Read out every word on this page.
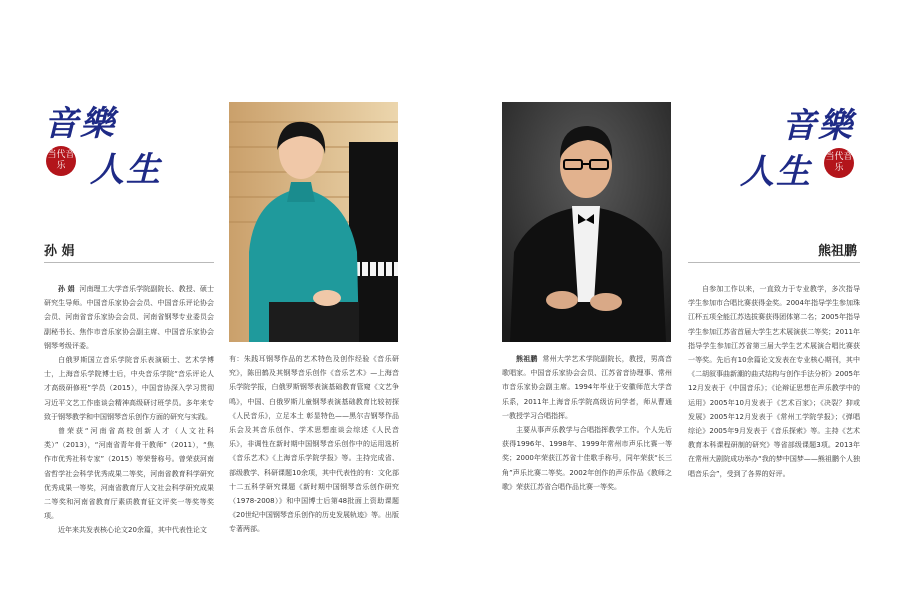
音樂
当代音乐 人生
音樂
人生 当代音乐
孙 娟	熊祖鹏

孙 娟 河南理工大学音乐学院副院长、教授、硕士研究生导师。中国音乐家协会会员、中国音乐评论协会会员、河南省音乐家协会会员、河南省钢琴专业委员会副秘书长、焦作市音乐家协会副主席、中国音乐家协会钢琴考级评委。

白俄罗斯国立音乐学院音乐表演硕士、艺术学博士，上海音乐学院博士后，中央音乐学院“音乐评论人才高级研修班”学员（2015），中国音协深入学习贯彻习近平文艺工作座谈会精神高级研讨班学员。多年来专致于钢琴教学和中国钢琴音乐创作方面的研究与实践。

曾荣获“河南省高校创新人才（人文社科类）”（2013），“河南省青年骨干教师”（2011），“焦作市优秀社科专家”（2015）等荣誉称号。曾荣获河南省哲学社会科学优秀成果二等奖，河南省教育科学研究优秀成果一等奖，河南省教育厅人文社会科学研究成果二等奖和河南省教育厅素质教育征文评奖一等奖等奖项。

近年来共发表核心论文20余篇，其中代表性论文

有：朱践耳钢琴作品的艺术特色及创作经验《音乐研究》，陈田鹤及其钢琴音乐创作《音乐艺术》—上海音乐学院学报，白俄罗斯钢琴表演基础教育管窥《文艺争鸣》，中国、白俄罗斯儿童钢琴表演基础教育比较初探《人民音乐》，立足本土 彰显特色——黑尔吉钢琴作品乐会及其音乐创作、学术思想座谈会综述《人民音乐》，非调性在新时期中国钢琴音乐创作中的运用选析《音乐艺术》《上海音乐学院学报》等。主持完成省、部级教学、科研课题10余项，其中代表性的有：文化部十二五科学研究课题《新时期中国钢琴音乐创作研究（1978-2008）》和中国博士后第48批面上资助课题《20世纪中国钢琴音乐创作的历史发展轨迹》等。出版专著两部。

熊祖鹏 常州大学艺术学院副院长，教授，男高音歌唱家。中国音乐家协会会员、江苏省音协理事、常州市音乐家协会副主席。1994年毕业于安徽师范大学音乐系，2011年上海音乐学院高级访问学者，师从曹通一教授学习合唱指挥。

主要从事声乐教学与合唱指挥教学工作。个人先后获得1996年、1998年、1999年常州市声乐比赛一等奖；2000年荣获江苏省十佳歌手称号，同年荣获“长三角”声乐比赛二等奖。2002年创作的声乐作品《教师之歌》荣获江苏省合唱作品比赛一等奖。

自参加工作以来，一直致力于专业教学，多次指导学生参加市合唱比赛获得金奖。2004年指导学生参加珠江杯五项全能江苏选拔赛获得团体第二名；2005年指导学生参加江苏省首届大学生艺术展演获二等奖；2011年指导学生参加江苏省第三届大学生艺术展演合唱比赛获一等奖。先后有10余篇论文发表在专业核心期刊，其中《二胡叙事曲新潮的曲式结构与创作手法分析》2005年12月发表于《中国音乐》；《论辩证思想在声乐教学中的运用》2005年10月发表于《艺术百家》；《决裂？抑或发展》2005年12月发表于《常州工学院学报》；《弹唱综论》2005年9月发表于《音乐探索》等。主持《艺术教育本科课程研制的研究》等省部级课题3项。2013年在常州大剧院成功举办“我的梦中国梦——熊祖鹏个人独唱音乐会”，受到了各界的好评。
